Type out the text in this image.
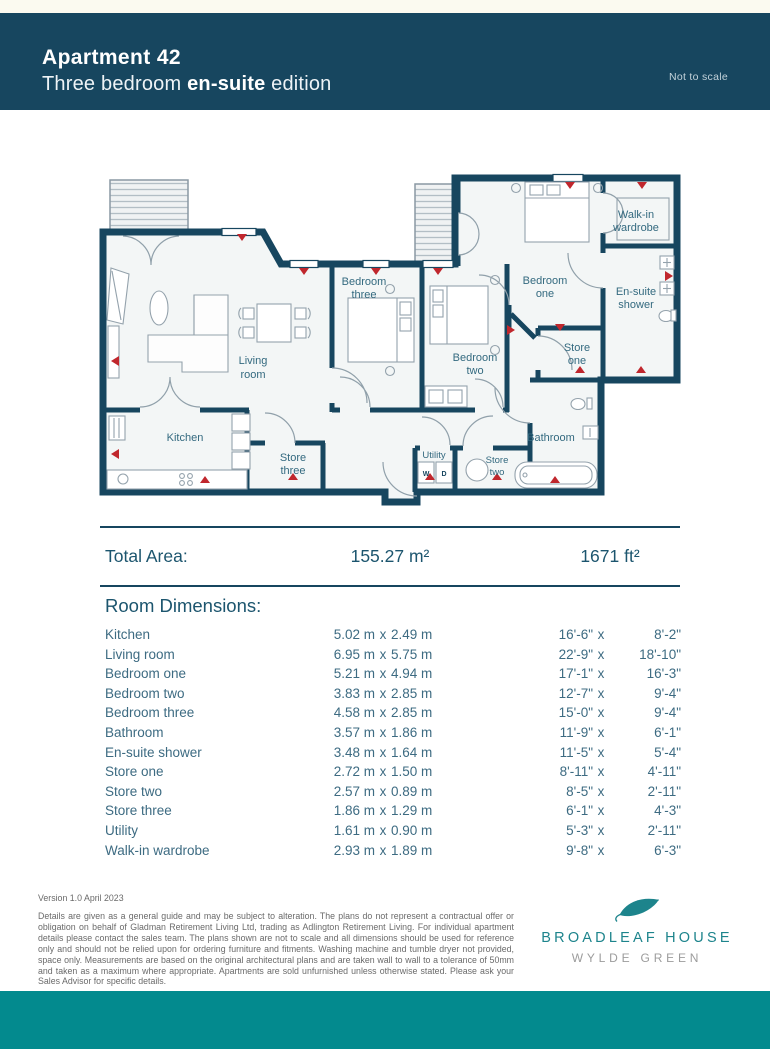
Apartment 42
Three bedroom en-suite edition	Not to scale
Living
room
Kitchen
Store
three
Bedroom
three
Bedroom
two
Bedroom
one
Store
one
Store
two
Utility
Bathroom
En-suite
shower
Walk-in
wardrobe
W D
Total Area:	155.27 m²	1671 ft²
Room Dimensions:
Kitchen	5.02 m x 2.49 m	16'-6" x	8'-2"
Living room	6.95 m x 5.75 m	22'-9" x	18'-10"
Bedroom one	5.21 m x 4.94 m	17'-1" x	16'-3"
Bedroom two	3.83 m x 2.85 m	12'-7" x	9'-4"
Bedroom three	4.58 m x 2.85 m	15'-0" x	9'-4"
Bathroom	3.57 m x 1.86 m	11'-9" x	6'-1"
En-suite shower	3.48 m x 1.64 m	11'-5" x	5'-4"
Store one	2.72 m x 1.50 m	8'-11" x	4'-11"
Store two	2.57 m x 0.89 m	8'-5" x	2'-11"
Store three	1.86 m x 1.29 m	6'-1" x	4'-3"
Utility	1.61 m x 0.90 m	5'-3" x	2'-11"
Walk-in wardrobe	2.93 m x 1.89 m	9'-8" x	6'-3"
Version 1.0 April 2023
Details are given as a general guide and may be subject to alteration. The plans do not represent a contractual offer or obligation on behalf of Gladman Retirement Living Ltd, trading as Adlington Retirement Living. For individual apartment details please contact the sales team. The plans shown are not to scale and all dimensions should be used for reference only and should not be relied upon for ordering furniture and fitments. Washing machine and tumble dryer not provided, space only. Measurements are based on the original architectural plans and are taken wall to wall to a tolerance of 50mm and taken as a maximum where appropriate. Apartments are sold unfurnished unless otherwise stated. Please ask your Sales Advisor for specific details.
BROADLEAF HOUSE
WYLDE GREEN
